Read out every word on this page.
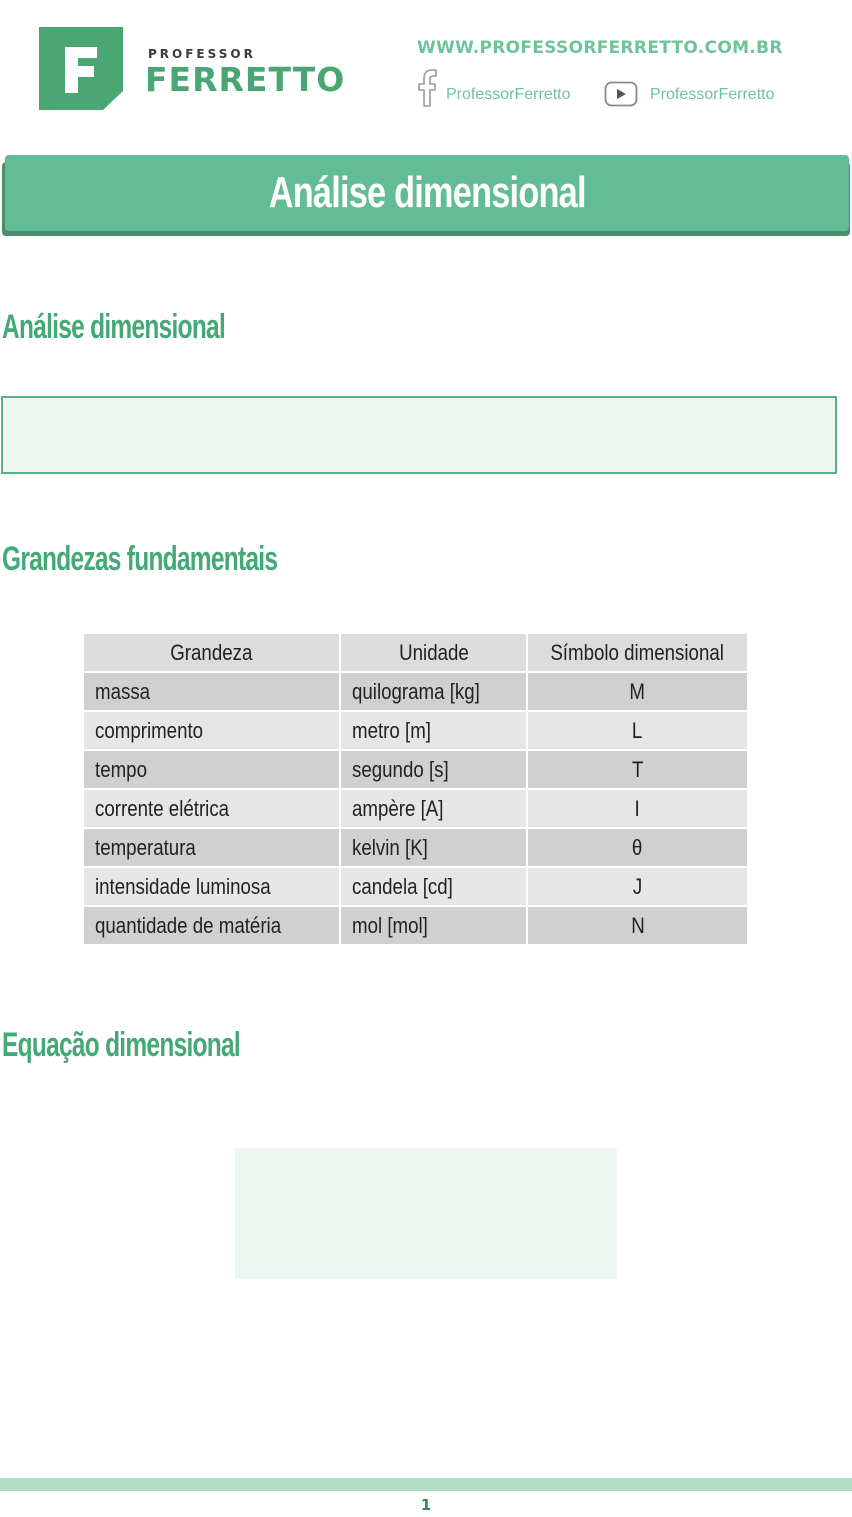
PROFESSOR
FERRETTO
WWW.PROFESSORFERRETTO.COM.BR
ProfessorFerretto	ProfessorFerretto
Análise dimensional
Análise dimensional
Grandezas fundamentais
Grandeza	Unidade	Símbolo dimensional
massa	quilograma [kg]	M
comprimento	metro [m]	L
tempo	segundo [s]	T
corrente elétrica	ampère [A]	I
temperatura	kelvin [K]	θ
intensidade luminosa	candela [cd]	J
quantidade de matéria	mol [mol]	N
Equação dimensional
1
